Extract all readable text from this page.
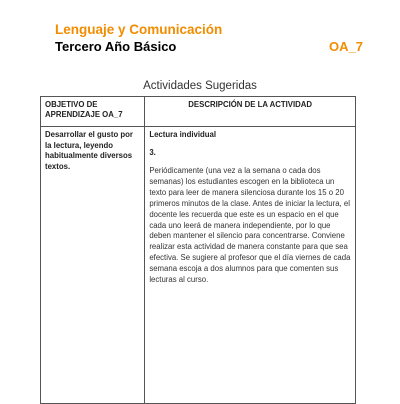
Lenguaje y Comunicación

Tercero Año Básico	OA_7
Actividades Sugeridas
OBJETIVO DE APRENDIZAJE OA_7	DESCRIPCIÓN DE LA ACTIVIDAD

Desarrollar el gusto por la lectura, leyendo habitualmente diversos textos.	Lectura individual
3.
Periódicamente (una vez a la semana o cada dos semanas) los estudiantes escogen en la biblioteca un texto para leer de manera silenciosa durante los 15 o 20 primeros minutos de la clase. Antes de iniciar la lectura, el docente les recuerda que este es un espacio en el que cada uno leerá de manera independiente, por lo que deben mantener el silencio para concentrarse. Conviene realizar esta actividad de manera constante para que sea efectiva. Se sugiere al profesor que el día viernes de cada semana escoja a dos alumnos para que comenten sus lecturas al curso.
